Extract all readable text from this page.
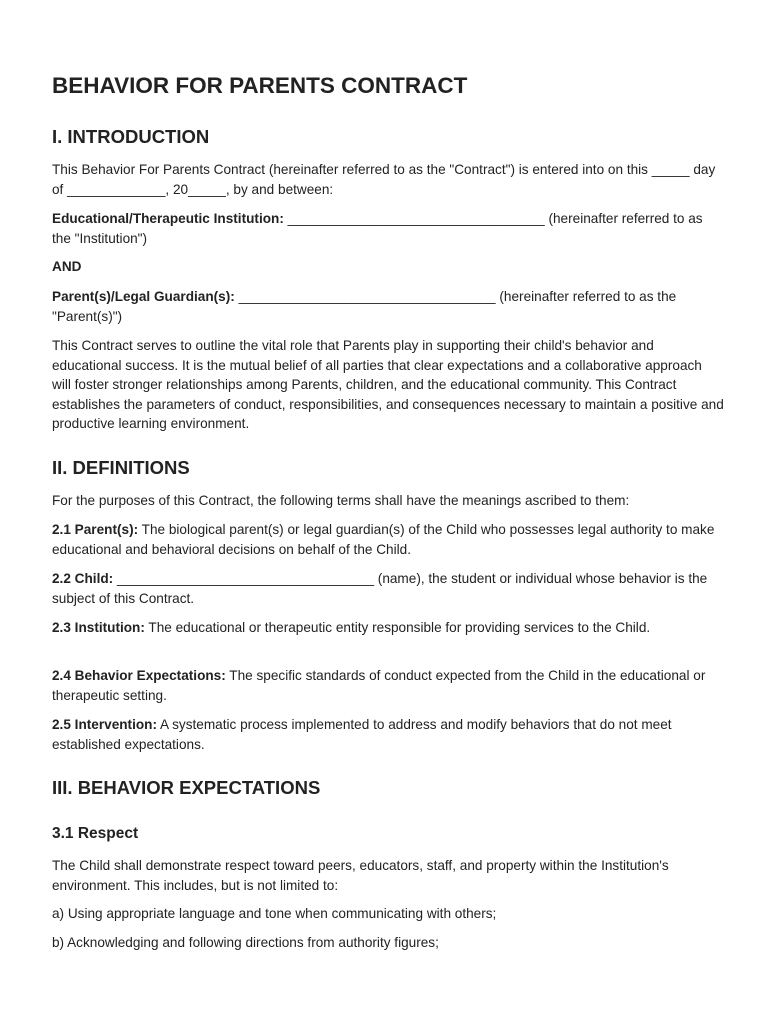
BEHAVIOR FOR PARENTS CONTRACT
I. INTRODUCTION

This Behavior For Parents Contract (hereinafter referred to as the "Contract") is entered into on this _____ day of _____________, 20_____, by and between:

Educational/Therapeutic Institution: __________________________________ (hereinafter referred to as the "Institution")

AND

Parent(s)/Legal Guardian(s): __________________________________ (hereinafter referred to as the "Parent(s)")

This Contract serves to outline the vital role that Parents play in supporting their child's behavior and educational success. It is the mutual belief of all parties that clear expectations and a collaborative approach will foster stronger relationships among Parents, children, and the educational community. This Contract establishes the parameters of conduct, responsibilities, and consequences necessary to maintain a positive and productive learning environment.

II. DEFINITIONS

For the purposes of this Contract, the following terms shall have the meanings ascribed to them:

2.1 Parent(s): The biological parent(s) or legal guardian(s) of the Child who possesses legal authority to make educational and behavioral decisions on behalf of the Child.

2.2 Child: __________________________________ (name), the student or individual whose behavior is the subject of this Contract.

2.3 Institution: The educational or therapeutic entity responsible for providing services to the Child.

2.4 Behavior Expectations: The specific standards of conduct expected from the Child in the educational or therapeutic setting.

2.5 Intervention: A systematic process implemented to address and modify behaviors that do not meet established expectations.

III. BEHAVIOR EXPECTATIONS
3.1 Respect

The Child shall demonstrate respect toward peers, educators, staff, and property within the Institution's environment. This includes, but is not limited to:

a) Using appropriate language and tone when communicating with others;

b) Acknowledging and following directions from authority figures;
